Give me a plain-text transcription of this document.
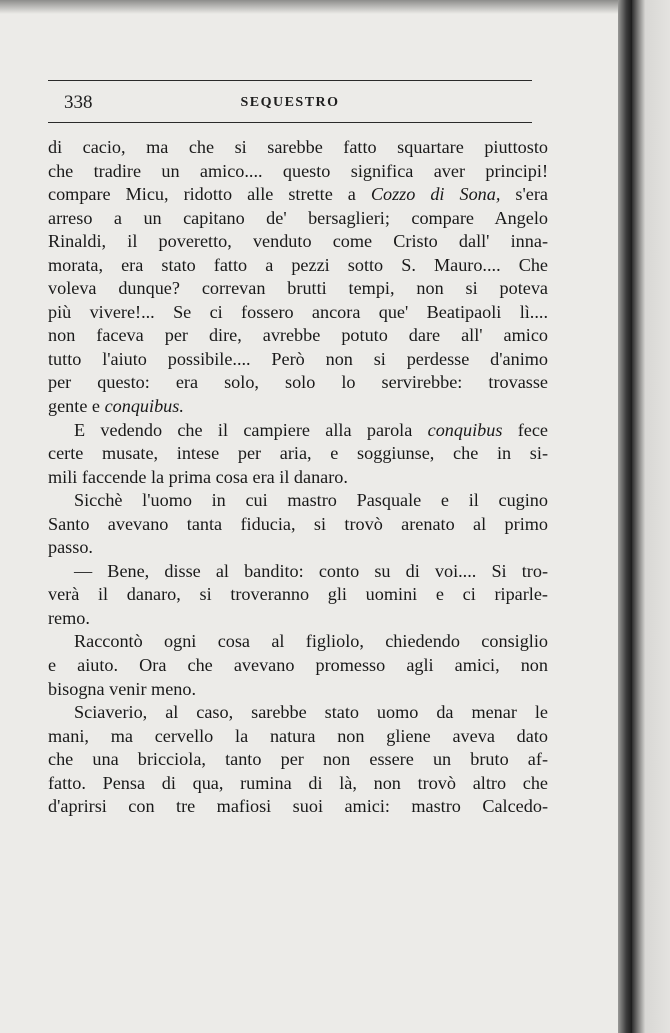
338	SEQUESTRO
di cacio, ma che si sarebbe fatto squartare piuttosto
che tradire un amico.... questo significa aver principi!
compare Micu, ridotto alle strette a Cozzo di Sona, s'era
arreso a un capitano de' bersaglieri; compare Angelo
Rinaldi, il poveretto, venduto come Cristo dall' inna-
morata, era stato fatto a pezzi sotto S. Mauro.... Che
voleva dunque? correvan brutti tempi, non si poteva
più vivere!... Se ci fossero ancora que' Beatipaoli lì....
non faceva per dire, avrebbe potuto dare all' amico
tutto l'aiuto possibile.... Però non si perdesse d'animo
per questo: era solo, solo lo servirebbe: trovasse
gente e conquibus.
E vedendo che il campiere alla parola conquibus fece
certe musate, intese per aria, e soggiunse, che in si-
mili faccende la prima cosa era il danaro.
Sicchè l'uomo in cui mastro Pasquale e il cugino
Santo avevano tanta fiducia, si trovò arenato al primo
passo.
— Bene, disse al bandito: conto su di voi.... Si tro-
verà il danaro, si troveranno gli uomini e ci riparle-
remo.
Raccontò ogni cosa al figliolo, chiedendo consiglio
e aiuto. Ora che avevano promesso agli amici, non
bisogna venir meno.
Sciaverio, al caso, sarebbe stato uomo da menar le
mani, ma cervello la natura non gliene aveva dato
che una bricciola, tanto per non essere un bruto af-
fatto. Pensa di qua, rumina di là, non trovò altro che
d'aprirsi con tre mafiosi suoi amici: mastro Calcedo-
